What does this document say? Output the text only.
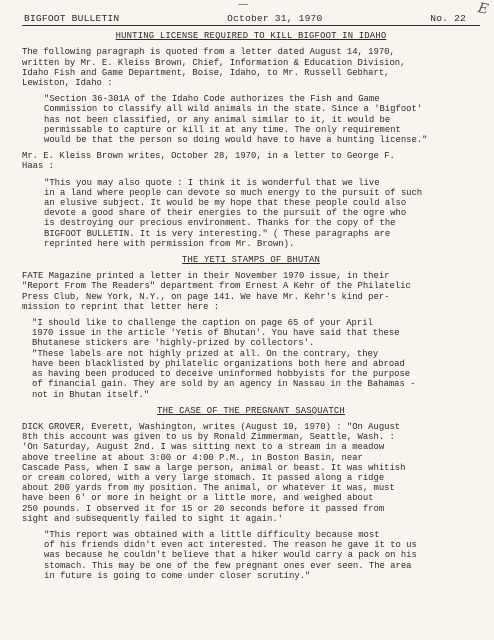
E
BIGFOOT BULLETIN	October 31, 1970	No. 22
HUNTING LICENSE REQUIRED TO KILL BIGFOOT IN IDAHO

The following paragraph is quoted from a letter dated August 14, 1970,
written by Mr. E. Kleiss Brown, Chief, Information & Education Division,
Idaho Fish and Game Department, Boise, Idaho, to Mr. Russell Gebhart,
Lewiston, Idaho :

"Section 36-301A of the Idaho Code authorizes the Fish and Game
Commission to classify all wild animals in the state. Since a 'Bigfoot'
has not been classified, or any animal similar to it, it would be
permissable to capture or kill it at any time. The only requirement
would be that the person so doing would have to have a hunting license."

Mr. E. Kleiss Brown writes, October 28, 1970, in a letter to George F.
Haas :

"This you may also quote : I think it is wonderful that we live
in a land where people can devote so much energy to the pursuit of such
an elusive subject. It would be my hope that these people could also
devote a good share of their energies to the pursuit of the ogre who
is destroying our precious environment. Thanks for the copy of the
BIGFOOT BULLETIN. It is very interesting." ( These paragraphs are
reprinted here with permission from Mr. Brown).

THE YETI STAMPS OF BHUTAN

FATE Magazine printed a letter in their November 1970 issue, in their
"Report From The Readers" department from Ernest A Kehr of the Philatelic
Press Club, New York, N.Y., on page 141. We have Mr. Kehr's kind per-
mission to reprint that letter here :

"I should like to challenge the caption on page 65 of your April
1970 issue in the article 'Yetis of Bhutan'. You have said that these
Bhutanese stickers are 'highly-prized by collectors'.
"These labels are not highly prized at all. On the contrary, they
have been blacklisted by philatelic organizations both here and abroad
as having been produced to deceive uninformed hobbyists for the purpose
of financial gain. They are sold by an agency in Nassau in the Bahamas -
not in Bhutan itself."

THE CASE OF THE PREGNANT SASQUATCH

DICK GROVER, Everett, Washington, writes (August 10, 1970) : "On August
8th this account was given to us by Ronald Zimmerman, Seattle, Wash. :
'On Saturday, August 2nd. I was sitting next to a stream in a meadow
above treeline at about 3:00 or 4:00 P.M., in Boston Basin, near
Cascade Pass, when I saw a large person, animal or beast. It was whitish
or cream colored, with a very large stomach. It passed along a ridge
about 200 yards from my position. The animal, or whatever it was, must
have been 6' or more in height or a little more, and weighed about
250 pounds. I observed it for 15 or 20 seconds before it passed from
sight and subsequently failed to sight it again.'

"This report was obtained with a little difficulty because most
of his friends didn't even act interested. The reason he gave it to us
was because he couldn't believe that a hiker would carry a pack on his
stomach. This may be one of the few pregnant ones ever seen. The area
in future is going to come under closer scrutiny."
